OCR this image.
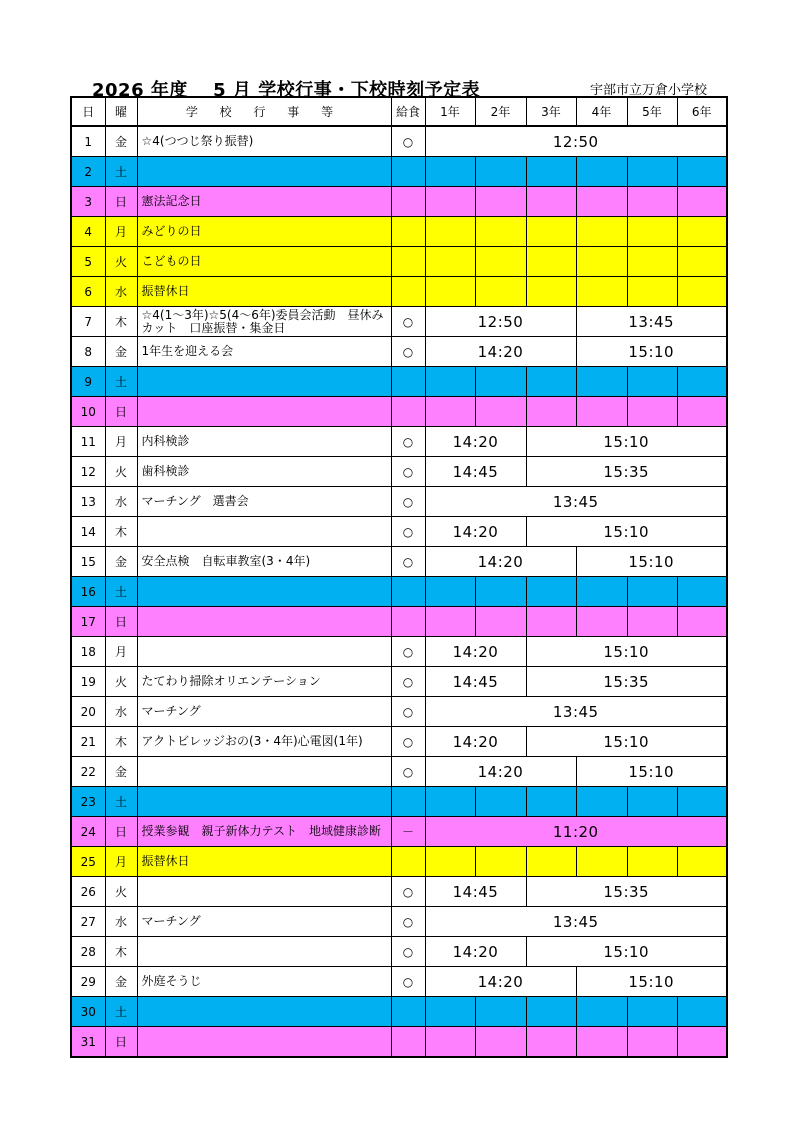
2026 年度　 5 月 学校行事・下校時刻予定表	宇部市立万倉小学校
日	曜	学 校 行 事 等	給食	1年	2年	3年	4年	5年	6年
1	金	☆4(つつじ祭り振替)	○	12:50					
2	土								
3	日	憲法記念日							
4	月	みどりの日							
5	火	こどもの日							
6	水	振替休日							
7	木	☆4(1～3年)☆5(4～6年)委員会活動　昼休みカット　口座振替・集金日	○	12:50			13:45		
8	金	1年生を迎える会	○	14:20			15:10		
9	土								
10	日								
11	月	内科検診	○	14:20		15:10			
12	火	歯科検診	○	14:45		15:35			
13	水	マーチング　選書会	○	13:45					
14	木		○	14:20		15:10			
15	金	安全点検　自転車教室(3・4年)	○	14:20			15:10		
16	土								
17	日								
18	月		○	14:20		15:10			
19	火	たてわり掃除オリエンテーション	○	14:45		15:35			
20	水	マーチング	○	13:45					
21	木	アクトビレッジおの(3・4年)心電図(1年)	○	14:20		15:10			
22	金		○	14:20			15:10		
23	土								
24	日	授業参観　親子新体力テスト　地域健康診断	－	11:20					
25	月	振替休日							
26	火		○	14:45		15:35			
27	水	マーチング	○	13:45					
28	木		○	14:20		15:10			
29	金	外庭そうじ	○	14:20			15:10		
30	土								
31	日								
